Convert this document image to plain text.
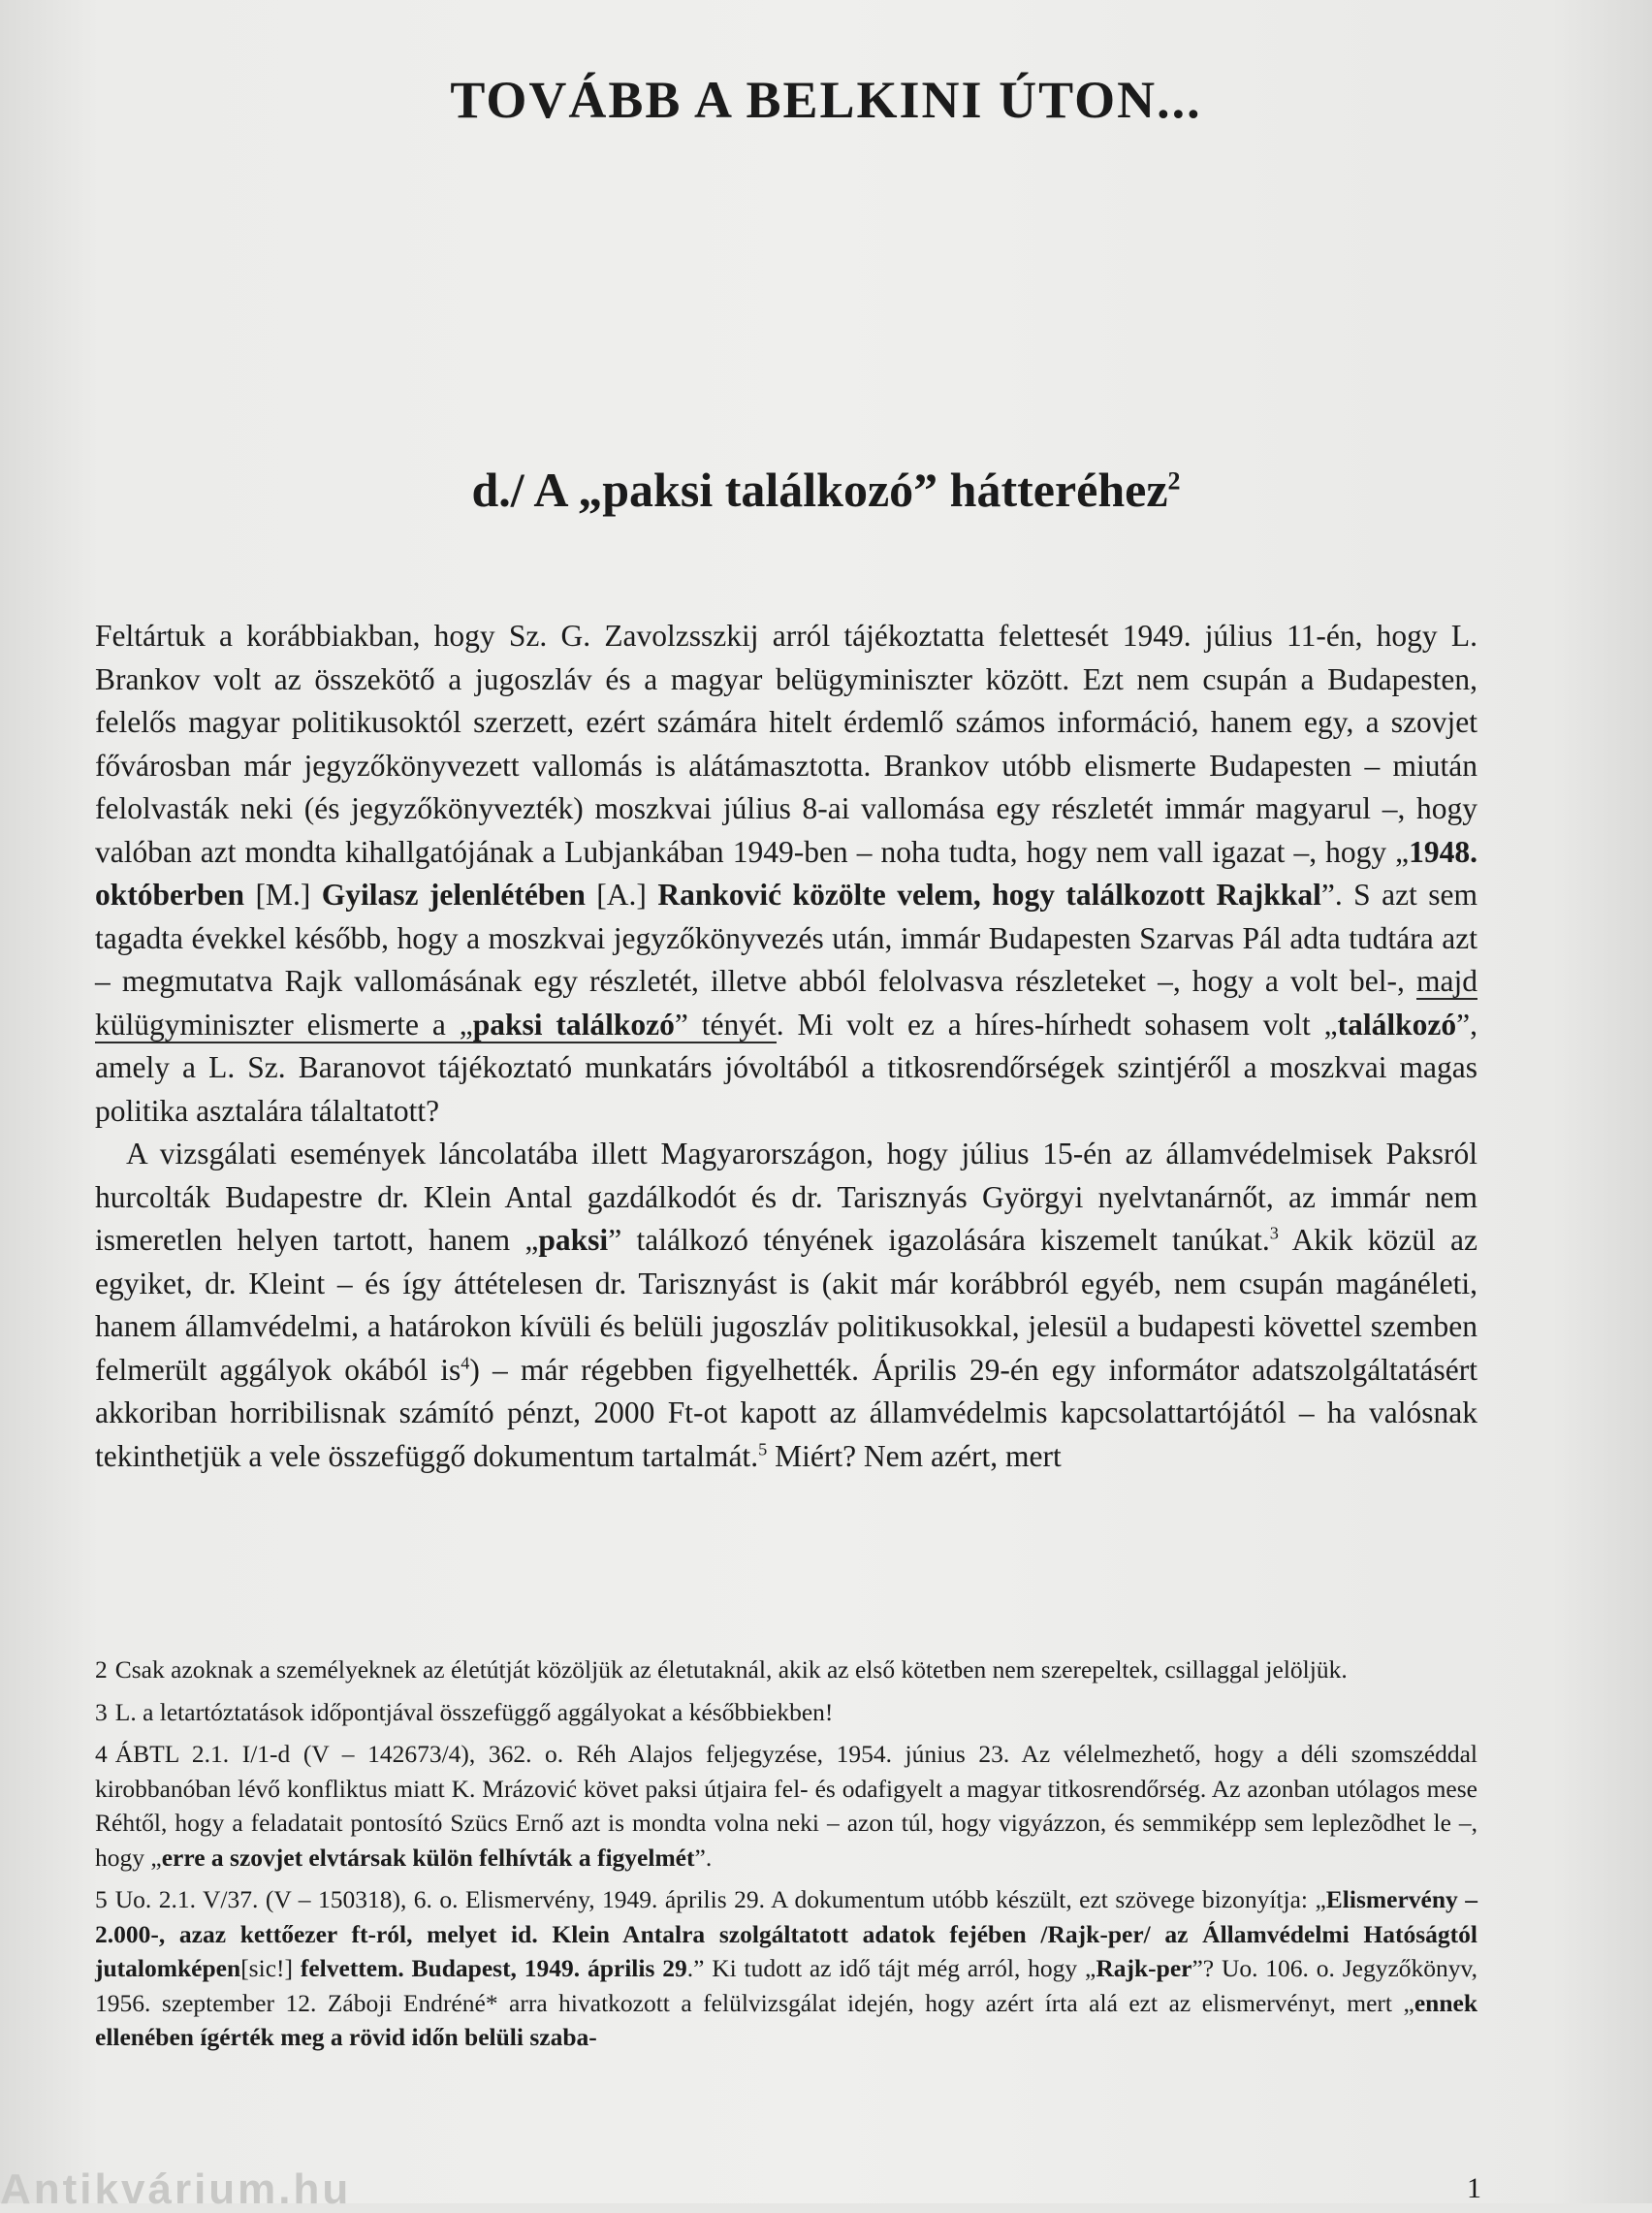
TOVÁBB A BELKINI ÚTON...
d./ A „paksi találkozó” hátteréhez$^2$

Feltártuk a korábbiakban, hogy Sz. G. Zavolzsszkij arról tájékoztatta felettesét 1949. július 11-én, hogy L. Brankov volt az összekötő a jugoszláv és a magyar belügyminiszter között. Ezt nem csupán a Budapesten, felelős magyar politikusoktól szerzett, ezért számára hitelt érdemlő számos információ, hanem egy, a szovjet fővárosban már jegyzőkönyvezett vallomás is alátámasztotta. Brankov utóbb elismerte Budapesten – miután felolvasták neki (és jegyzőkönyvezték) moszkvai július 8-ai vallomása egy részletét immár magyarul –, hogy valóban azt mondta kihallgatójának a Lubjankában 1949-ben – noha tudta, hogy nem vall igazat –, hogy „1948. októberben [M.] Gyilasz jelenlétében [A.] Ranković közölte velem, hogy találkozott Rajkkal”. S azt sem tagadta évekkel később, hogy a moszkvai jegyzőkönyvezés után, immár Budapesten Szarvas Pál adta tudtára azt – megmutatva Rajk vallomásának egy részletét, illetve abból felolvasva részleteket –, hogy a volt bel-, majd külügyminiszter elismerte a „paksi találkozó” tényét. Mi volt ez a híres-hírhedt sohasem volt „találkozó”, amely a L. Sz. Baranovot tájékoztató munkatárs jóvoltából a titkosrendőrségek szintjéről a moszkvai magas politika asztalára tálaltatott?

A vizsgálati események láncolatába illett Magyarországon, hogy július 15-én az államvédelmisek Paksról hurcolták Budapestre dr. Klein Antal gazdálkodót és dr. Tarisznyás Györgyi nyelvtanárnőt, az immár nem ismeretlen helyen tartott, hanem „paksi” találkozó tényének igazolására kiszemelt tanúkat.$^3$ Akik közül az egyiket, dr. Kleint – és így áttételesen dr. Tarisznyást is (akit már korábbról egyéb, nem csupán magánéleti, hanem államvédelmi, a határokon kívüli és belüli jugoszláv politikusokkal, jelesül a budapesti követtel szemben felmerült aggályok okából $is^4$) – már régebben figyelhették. Április 29-én egy informátor adatszolgáltatásért akkoriban horribilisnak számító pénzt, 2000 Ft-ot kapott az államvédelmis kapcsolattartójától – ha valósnak tekinthetjük a vele összefüggő dokumentum tartalmát.$^5$ Miért? Nem azért, mert

2 Csak azoknak a személyeknek az életútját közöljük az életutaknál, akik az első kötetben nem szerepeltek, csillaggal jelöljük.

3 L. a letartóztatások időpontjával összefüggő aggályokat a későbbiekben!

4 ÁBTL 2.1. I/1-d (V – 142673/4), 362. o. Réh Alajos feljegyzése, 1954. június 23. Az vélelmezhető, hogy a déli szomszéddal kirobbanóban lévő konfliktus miatt K. Mrázović követ paksi útjaira fel- és odafigyelt a magyar titkosrendőrség. Az azonban utólagos mese Réhtől, hogy a feladatait pontosító Szücs Ernő azt is mondta volna neki – azon túl, hogy vigyázzon, és semmiképp sem leplezõdhet le –, hogy „erre a szovjet elvtársak külön felhívták a figyelmét”.

5 Uo. 2.1. V/37. (V – 150318), 6. o. Elismervény, 1949. április 29. A dokumentum utóbb készült, ezt szövege bizonyítja: „Elismervény – 2.000-, azaz kettőezer ft-ról, melyet id. Klein Antalra szolgáltatott adatok fejében /Rajk-per/ az Államvédelmi Hatóságtól jutalomképen[sic!] felvettem. Budapest, 1949. április 29.” Ki tudott az idő tájt még arról, hogy „Rajk-per”? Uo. 106. o. Jegyzőkönyv, 1956. szeptember 12. Záboji Endréné* arra hivatkozott a felülvizsgálat idején, hogy azért írta alá ezt az elismervényt, mert „ennek ellenében ígérték meg a rövid időn belüli szaba-

1
Antikvárium.hu
